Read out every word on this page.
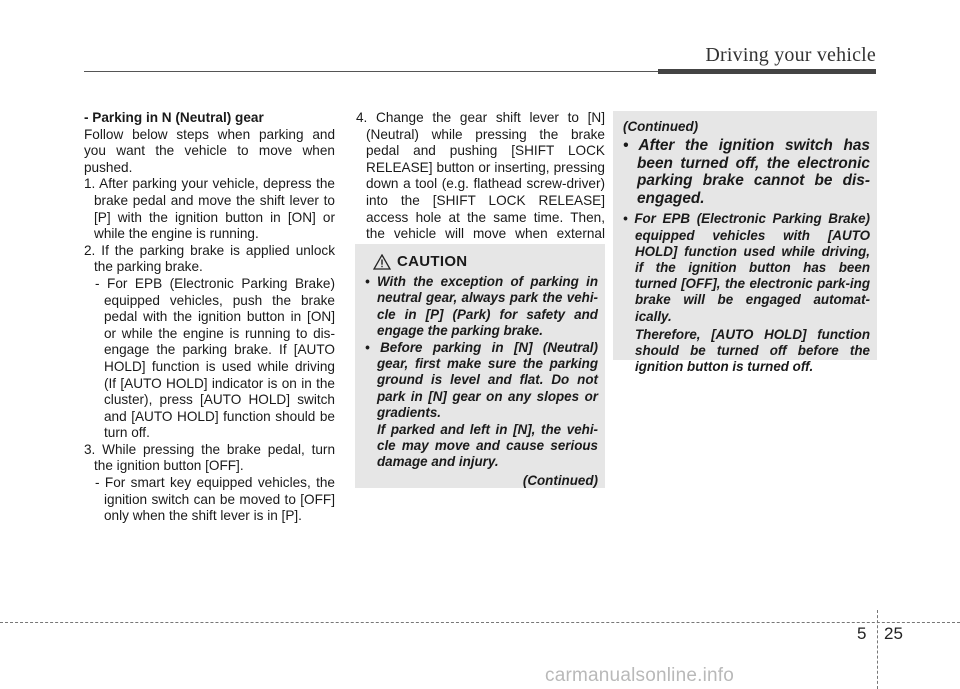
Driving your vehicle

- Parking in N (Neutral) gear

Follow below steps when parking and you want the vehicle to move when pushed.

1. After parking your vehicle, depress the brake pedal and move the shift lever to [P] with the ignition button in [ON] or while the engine is running.

2. If the parking brake is applied unlock the parking brake.

- For EPB (Electronic Parking Brake) equipped vehicles, push the brake pedal with the ignition button in [ON] or while the engine is running to dis-engage the parking brake. If [AUTO HOLD] function is used while driving (If [AUTO HOLD] indicator is on in the cluster), press [AUTO HOLD] switch and [AUTO HOLD] function should be turn off.

3. While pressing the brake pedal, turn the ignition button [OFF].

- For smart key equipped vehicles, the ignition switch can be moved to [OFF] only when the shift lever is in [P].

4. Change the gear shift lever to [N] (Neutral) while pressing the brake pedal and pushing [SHIFT LOCK RELEASE] button or inserting, pressing down a tool (e.g. flathead screw-driver) into the [SHIFT LOCK RELEASE] access hole at the same time. Then, the vehicle will move when external

CAUTION

• With the exception of parking in neutral gear, always park the vehi-cle in [P] (Park) for safety and engage the parking brake.

• Before parking in [N] (Neutral) gear, first make sure the parking ground is level and flat. Do not park in [N] gear on any slopes or gradients.

If parked and left in [N], the vehi-cle may move and cause serious damage and injury.

(Continued)

(Continued)

• After the ignition switch has been turned off, the electronic parking brake cannot be dis-engaged.

• For EPB (Electronic Parking Brake) equipped vehicles with [AUTO HOLD] function used while driving, if the ignition button has been turned [OFF], the electronic park-ing brake will be engaged automat-ically.

Therefore, [AUTO HOLD] function should be turned off before the ignition button is turned off.

5 25
carmanualsonline.info
